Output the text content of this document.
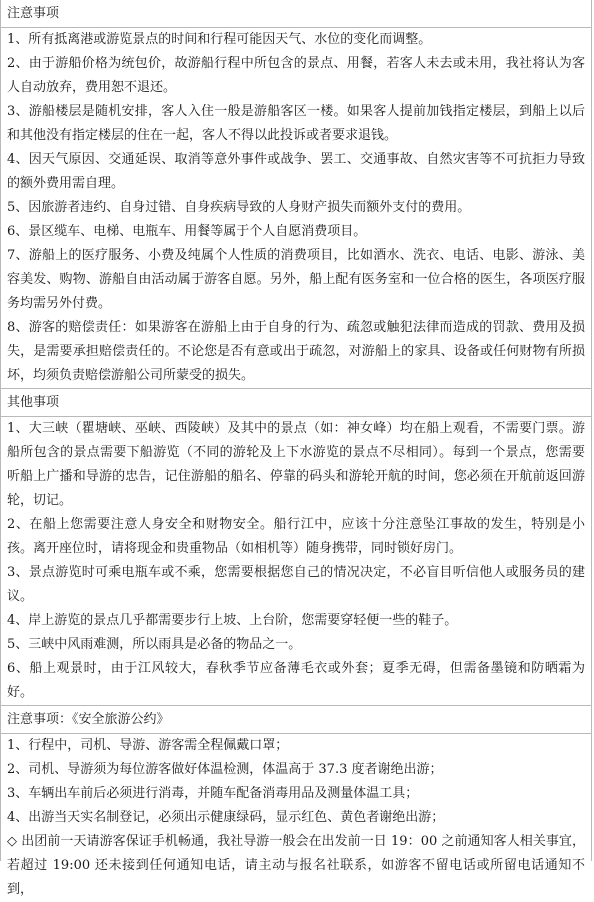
注意事项

1、所有抵离港或游览景点的时间和行程可能因天气、水位的变化而调整。

2、由于游船价格为统包价，故游船行程中所包含的景点、用餐，若客人未去或未用，我社将认为客人自动放弃，费用恕不退还。

3、游船楼层是随机安排，客人入住一般是游船客区一楼。如果客人提前加钱指定楼层，到船上以后和其他没有指定楼层的住在一起，客人不得以此投诉或者要求退钱。

4、因天气原因、交通延误、取消等意外事件或战争、罢工、交通事故、自然灾害等不可抗拒力导致的额外费用需自理。

5、因旅游者违约、自身过错、自身疾病导致的人身财产损失而额外支付的费用。

6、景区缆车、电梯、电瓶车、用餐等属于个人自愿消费项目。

7、游船上的医疗服务、小费及纯属个人性质的消费项目，比如酒水、洗衣、电话、电影、游泳、美容美发、购物、游船自由活动属于游客自愿。另外，船上配有医务室和一位合格的医生，各项医疗服务均需另外付费。

8、游客的赔偿责任：如果游客在游船上由于自身的行为、疏忽或触犯法律而造成的罚款、费用及损失，是需要承担赔偿责任的。不论您是否有意或出于疏忽，对游船上的家具、设备或任何财物有所损坏，均须负责赔偿游船公司所蒙受的损失。

其他事项

1、大三峡（瞿塘峡、巫峡、西陵峡）及其中的景点（如：神女峰）均在船上观看，不需要门票。游船所包含的景点需要下船游览（不同的游轮及上下水游览的景点不尽相同）。每到一个景点，您需要听船上广播和导游的忠告，记住游船的船名、停靠的码头和游轮开航的时间，您必须在开航前返回游轮，切记。

2、在船上您需要注意人身安全和财物安全。船行江中，应该十分注意坠江事故的发生，特别是小孩。离开座位时，请将现金和贵重物品（如相机等）随身携带，同时锁好房门。

3、景点游览时可乘电瓶车或不乘，您需要根据您自己的情况决定，不必盲目听信他人或服务员的建议。

4、岸上游览的景点几乎都需要步行上坡、上台阶，您需要穿轻便一些的鞋子。

5、三峡中风雨难测，所以雨具是必备的物品之一。

6、船上观景时，由于江风较大，春秋季节应备薄毛衣或外套；夏季无碍，但需备墨镜和防晒霜为好。

注意事项：《安全旅游公约》

1、行程中，司机、导游、游客需全程佩戴口罩；

2、司机、导游须为每位游客做好体温检测，体温高于 37.3 度者谢绝出游；

3、车辆出车前后必须进行消毒，并随车配备消毒用品及测量体温工具；

4、出游当天实名制登记，必须出示健康绿码，显示红色、黄色者谢绝出游；

◇ 出团前一天请游客保证手机畅通，我社导游一般会在出发前一日 19：00 之前通知客人相关事宜，若超过 19:00 还未接到任何通知电话，请主动与报名社联系，如游客不留电话或所留电话通知不到，
